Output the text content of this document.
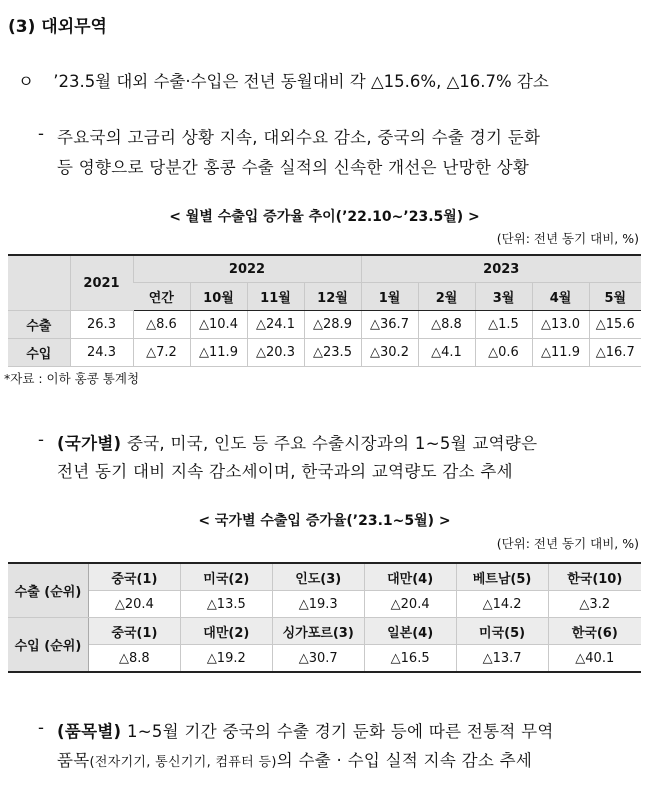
(3) 대외무역
ㅇ ’23.5월 대외 수출·수입은 전년 동월대비 각 △15.6%, △16.7% 감소
- 주요국의 고금리 상황 지속, 대외수요 감소, 중국의 수출 경기 둔화
등 영향으로 당분간 홍콩 수출 실적의 신속한 개선은 난망한 상황
< 월별 수출입 증가율 추이(’22.10~’23.5월) >
(단위: 전년 동기 대비, %)
	2021	2022				2023				
		연간	10월	11월	12월	1월	2월	3월	4월	5월
수출	26.3	△8.6	△10.4	△24.1	△28.9	△36.7	△8.8	△1.5	△13.0	△15.6
수입	24.3	△7.2	△11.9	△20.3	△23.5	△30.2	△4.1	△0.6	△11.9	△16.7
*자료 : 이하 홍콩 통계청
- (국가별) 중국, 미국, 인도 등 주요 수출시장과의 1~5월 교역량은
전년 동기 대비 지속 감소세이며, 한국과의 교역량도 감소 추세
< 국가별 수출입 증가율(’23.1~5월) >
(단위: 전년 동기 대비, %)
수출 (순위)	중국(1)	미국(2)	인도(3)	대만(4)	베트남(5)	한국(10)
	△20.4	△13.5	△19.3	△20.4	△14.2	△3.2
수입 (순위)	중국(1)	대만(2)	싱가포르(3)	일본(4)	미국(5)	한국(6)
	△8.8	△19.2	△30.7	△16.5	△13.7	△40.1
- (품목별) 1~5월 기간 중국의 수출 경기 둔화 등에 따른 전통적 무역
품목(전자기기, 통신기기, 컴퓨터 등)의 수출 · 수입 실적 지속 감소 추세
